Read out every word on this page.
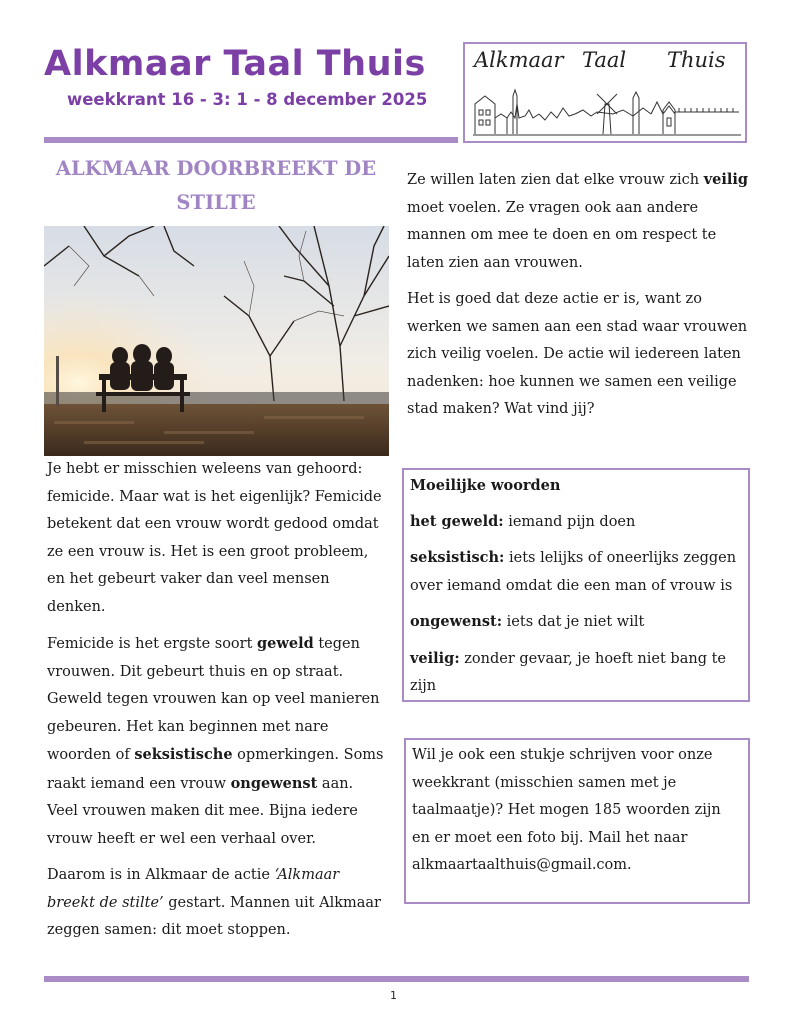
Alkmaar Taal Thuis
weekkrant 16 - 3: 1 - 8 december 2025
Alkmaar Taal Thuis
ALKMAAR DOORBREEKT DE STILTE

Je hebt er misschien weleens van gehoord: femicide. Maar wat is het eigenlijk? Femicide betekent dat een vrouw wordt gedood omdat ze een vrouw is. Het is een groot probleem, en het gebeurt vaker dan veel mensen denken.

Femicide is het ergste soort geweld tegen vrouwen. Dit gebeurt thuis en op straat. Geweld tegen vrouwen kan op veel manieren gebeuren. Het kan beginnen met nare woorden of seksistische opmerkingen. Soms raakt iemand een vrouw ongewenst aan. Veel vrouwen maken dit mee. Bijna iedere vrouw heeft er wel een verhaal over.

Daarom is in Alkmaar de actie ‘Alkmaar breekt de stilte’ gestart. Mannen uit Alkmaar zeggen samen: dit moet stoppen.

Ze willen laten zien dat elke vrouw zich veilig moet voelen. Ze vragen ook aan andere mannen om mee te doen en om respect te laten zien aan vrouwen.

Het is goed dat deze actie er is, want zo werken we samen aan een stad waar vrouwen zich veilig voelen. De actie wil iedereen laten nadenken: hoe kunnen we samen een veilige stad maken? Wat vind jij?

Moeilijke woorden

het geweld: iemand pijn doen

seksistisch: iets lelijks of oneerlijks zeggen over iemand omdat die een man of vrouw is

ongewenst: iets dat je niet wilt

veilig: zonder gevaar, je hoeft niet bang te zijn

Wil je ook een stukje schrijven voor onze weekkrant (misschien samen met je taalmaatje)? Het mogen 185 woorden zijn en er moet een foto bij. Mail het naar alkmaartaalthuis@gmail.com.

1
